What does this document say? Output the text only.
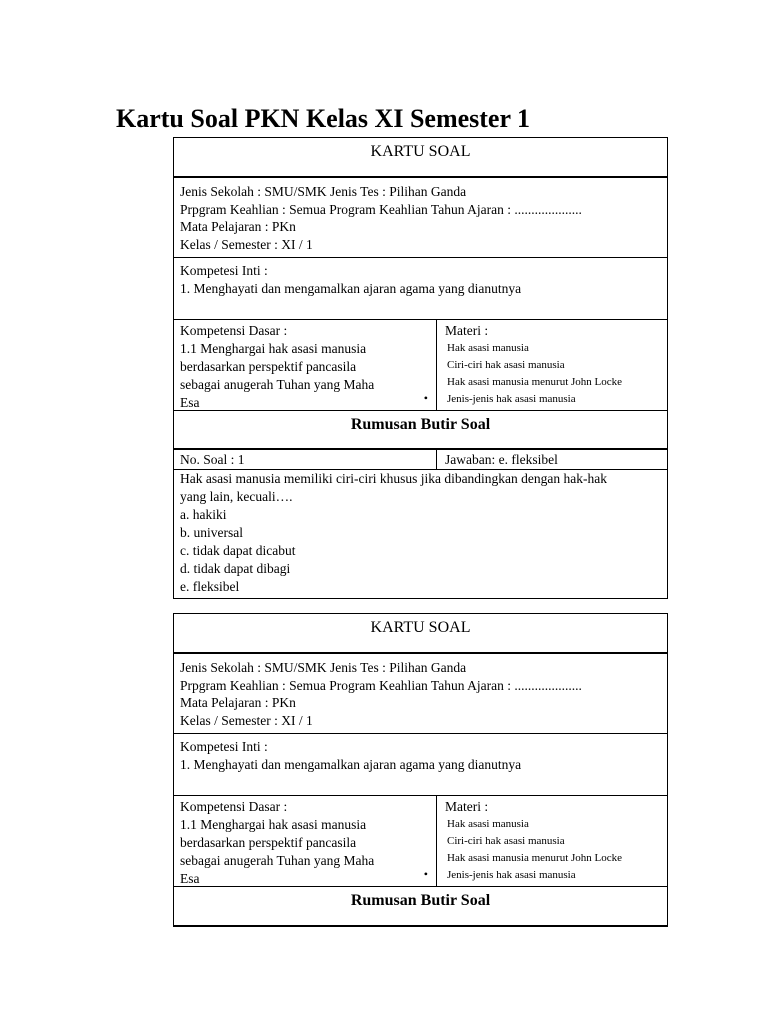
Kartu Soal PKN Kelas XI Semester 1
KARTU SOAL
Jenis Sekolah : SMU/SMK Jenis Tes : Pilihan Ganda
Prpgram Keahlian : Semua Program Keahlian Tahun Ajaran : ....................
Mata Pelajaran : PKn
Kelas / Semester : XI / 1
Kompetesi Inti :
1. Menghayati dan mengamalkan ajaran agama yang dianutnya
Kompetensi Dasar :
1.1 Menghargai hak asasi manusia
berdasarkan perspektif pancasila
sebagai anugerah Tuhan yang Maha
Esa	•
Materi :
Hak asasi manusia
Ciri-ciri hak asasi manusia
Hak asasi manusia menurut John Locke
Jenis-jenis hak asasi manusia
Rumusan Butir Soal
No. Soal : 1	Jawaban: e. fleksibel
Hak asasi manusia memiliki ciri-ciri khusus jika dibandingkan dengan hak-hak
yang lain, kecuali….
a. hakiki
b. universal
c. tidak dapat dicabut
d. tidak dapat dibagi
e. fleksibel
KARTU SOAL
Jenis Sekolah : SMU/SMK Jenis Tes : Pilihan Ganda
Prpgram Keahlian : Semua Program Keahlian Tahun Ajaran : ....................
Mata Pelajaran : PKn
Kelas / Semester : XI / 1
Kompetesi Inti :
1. Menghayati dan mengamalkan ajaran agama yang dianutnya
Kompetensi Dasar :
1.1 Menghargai hak asasi manusia
berdasarkan perspektif pancasila
sebagai anugerah Tuhan yang Maha
Esa	•
Materi :
Hak asasi manusia
Ciri-ciri hak asasi manusia
Hak asasi manusia menurut John Locke
Jenis-jenis hak asasi manusia
Rumusan Butir Soal
